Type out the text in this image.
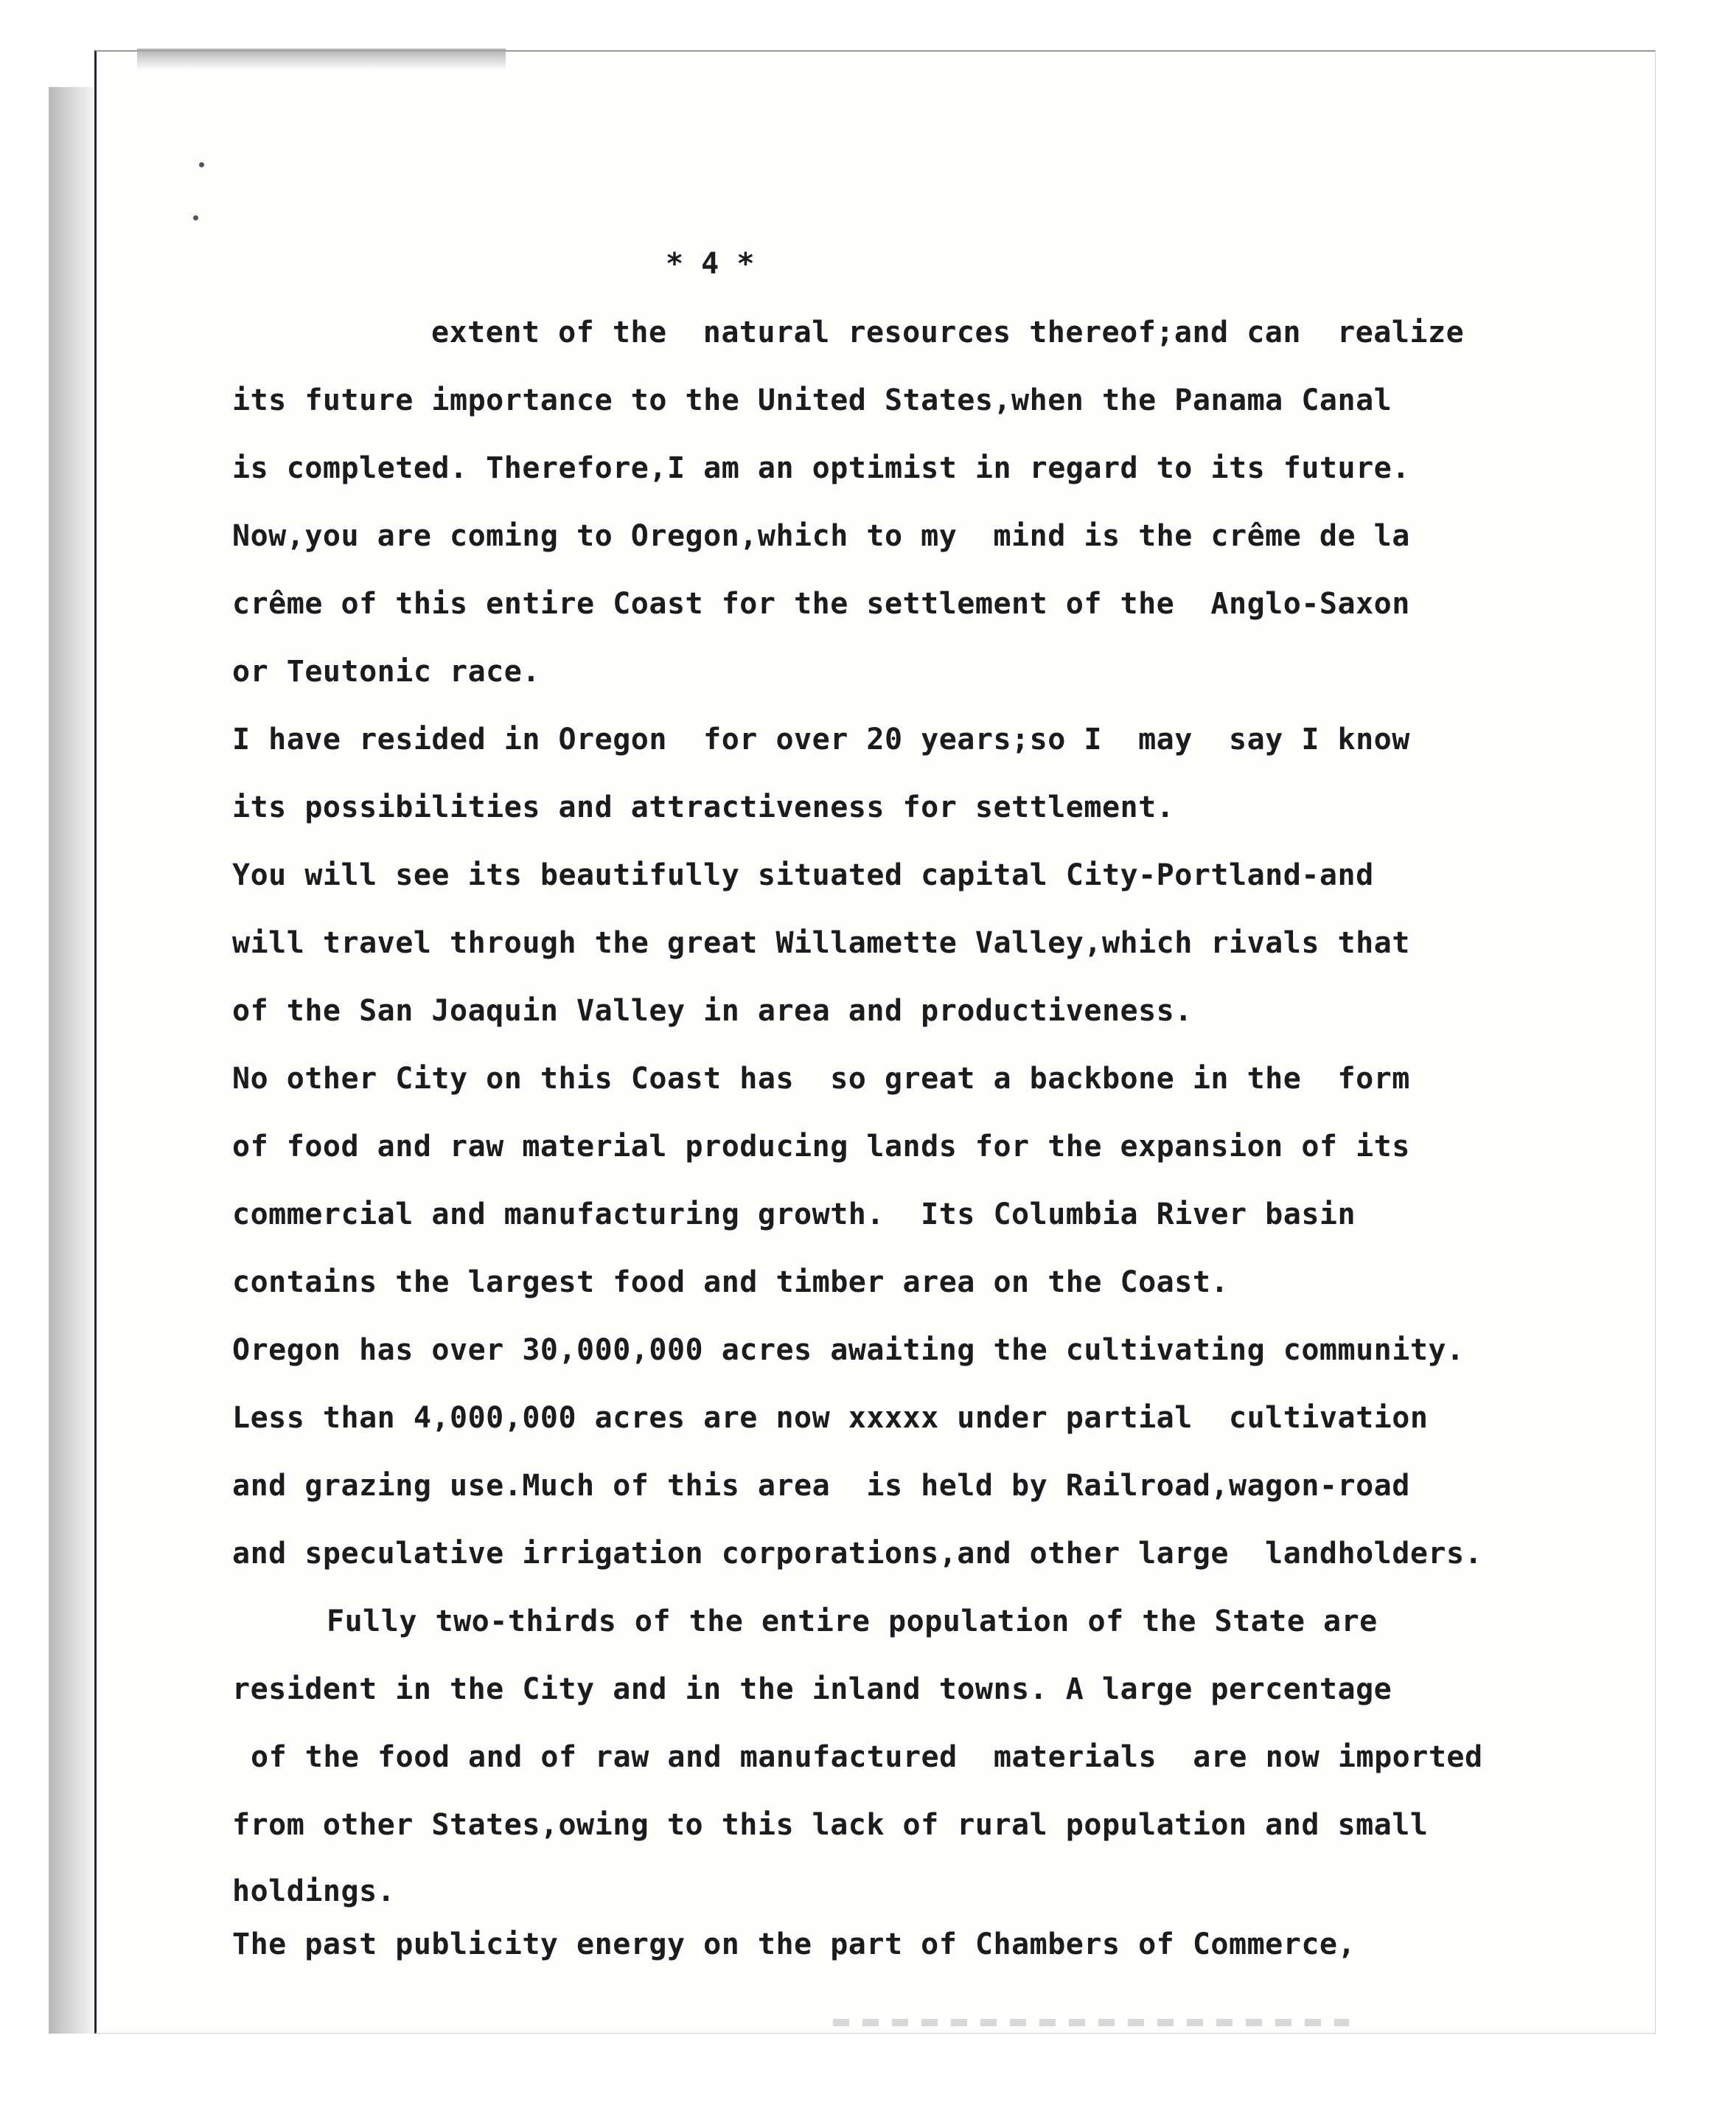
* 4 *
extent of the  natural resources thereof;and can  realize
its future importance to the United States,when the Panama Canal
is completed. Therefore,I am an optimist in regard to its future.
Now,you are coming to Oregon,which to my  mind is the crême de la
crême of this entire Coast for the settlement of the  Anglo-Saxon
or Teutonic race.
I have resided in Oregon  for over 20 years;so I  may  say I know
its possibilities and attractiveness for settlement.
You will see its beautifully situated capital City-Portland-and
will travel through the great Willamette Valley,which rivals that
of the San Joaquin Valley in area and productiveness.
No other City on this Coast has  so great a backbone in the  form
of food and raw material producing lands for the expansion of its
commercial and manufacturing growth.  Its Columbia River basin
contains the largest food and timber area on the Coast.
Oregon has over 30,000,000 acres awaiting the cultivating community.
Less than 4,000,000 acres are now xxxxx under partial  cultivation
and grazing use.Much of this area  is held by Railroad,wagon-road
and speculative irrigation corporations,and other large  landholders.
Fully two-thirds of the entire population of the State are
resident in the City and in the inland towns. A large percentage
of the food and of raw and manufactured  materials  are now imported
from other States,owing to this lack of rural population and small
holdings.
The past publicity energy on the part of Chambers of Commerce,
